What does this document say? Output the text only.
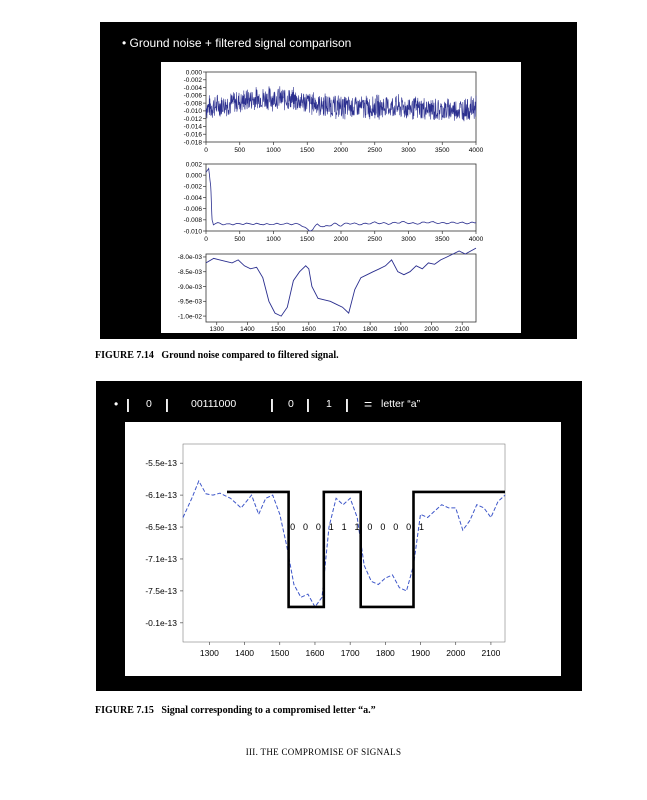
• Ground noise + filtered signal comparison
0	500	1000	1500	2000	2500	3000	3500	4000
0.000
-0.002
-0.004
-0.006
-0.008
-0.010
-0.012
-0.014
-0.016
-0.018
0	500	1000	1500	2000	2500	3000	3500	4000
0.002
0.000
-0.002
-0.004
-0.006
-0.008
-0.010
1300 1400 1500 1600 1700 1800 1900 2000 2100
-8.0e-03
-8.5e-03
-9.0e-03
-9.5e-03
-1.0e-02
FIGURE 7.14 Ground noise compared to filtered signal.
1300 1400 1500 1600 1700 1800 1900 2000 2100
-5.5e-13
-6.1e-13
-6.5e-13
-7.1e-13
-7.5e-13
-0.1e-13
0 0 0 1 1 1 0 0 0 0 1
• | 0 | 00111000 | 0 | 1 | = letter “a”
FIGURE 7.15 Signal corresponding to a compromised letter “a.”
III. THE COMPROMISE OF SIGNALS
